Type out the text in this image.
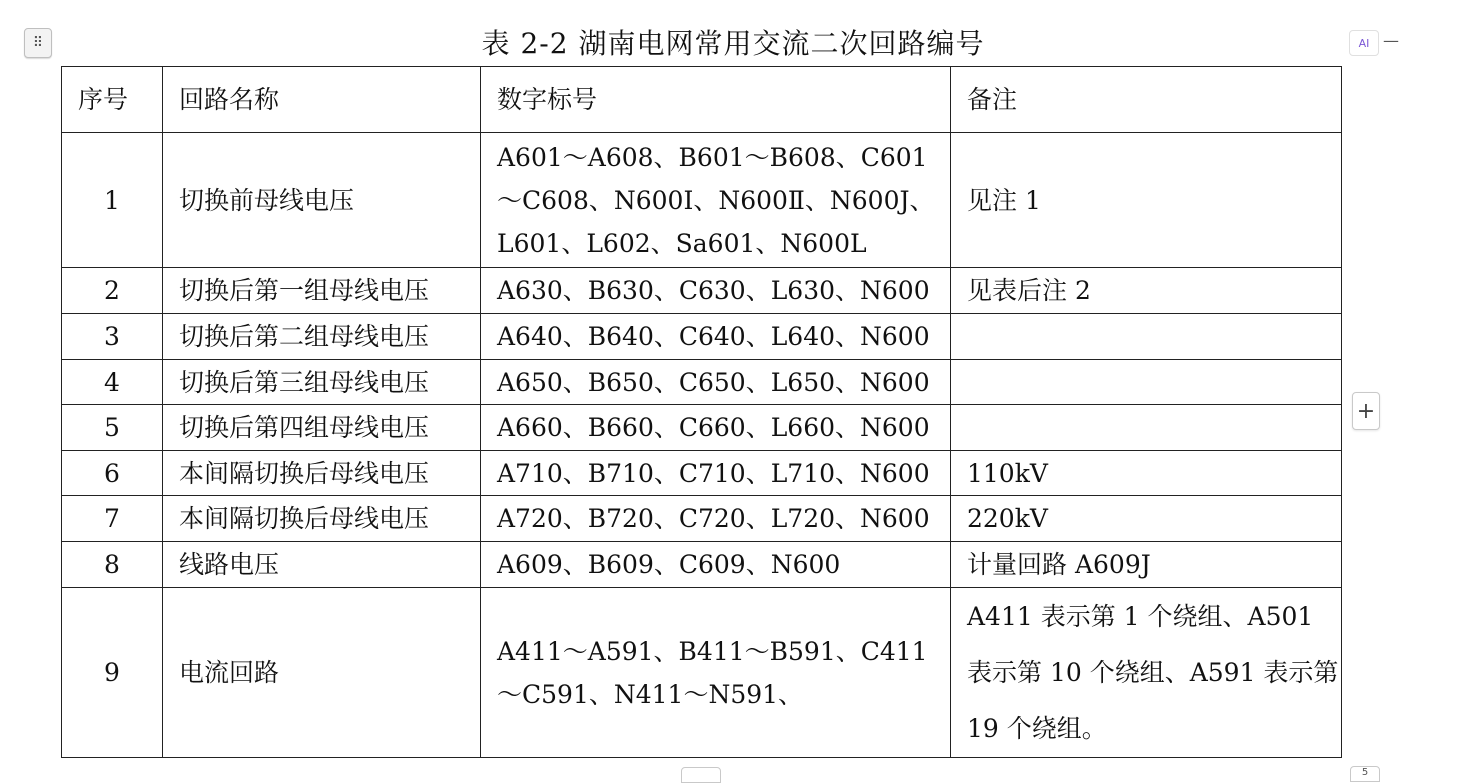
⠿	表 2-2 湖南电网常用交流二次回路编号	AI —
+
5
序号	回路名称	数字标号	备注
1	切换前母线电压	A601～A608、B601～B608、C601～C608、N600Ⅰ、N600Ⅱ、N600J、L601、L602、Sa601、N600L	见注 1
2	切换后第一组母线电压	A630、B630、C630、L630、N600	见表后注 2
3	切换后第二组母线电压	A640、B640、C640、L640、N600	
4	切换后第三组母线电压	A650、B650、C650、L650、N600	
5	切换后第四组母线电压	A660、B660、C660、L660、N600	
6	本间隔切换后母线电压	A710、B710、C710、L710、N600	110kV
7	本间隔切换后母线电压	A720、B720、C720、L720、N600	220kV
8	线路电压	A609、B609、C609、N600	计量回路 A609J
9	电流回路	A411～A591、B411～B591、C411～C591、N411～N591、	A411 表示第 1 个绕组、A501 表示第 10 个绕组、A591 表示第 19 个绕组。
